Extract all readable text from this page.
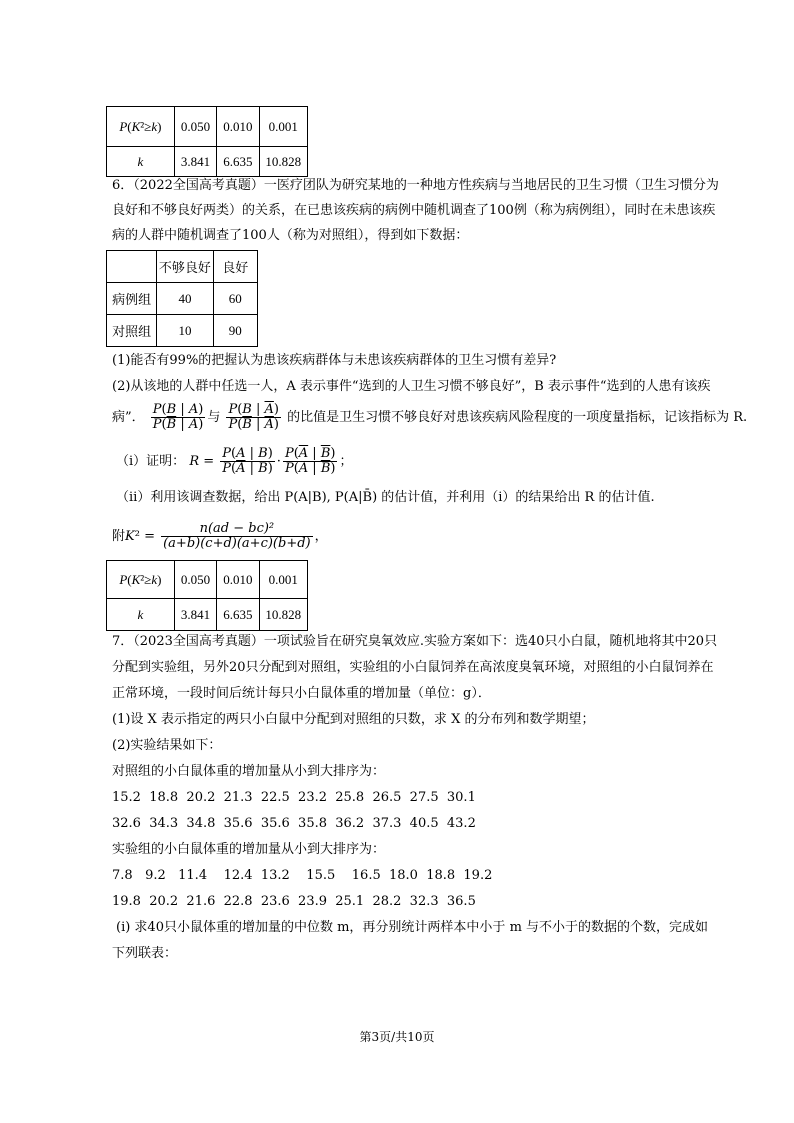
P(K²≥k)	0.050	0.010	0.001
k	3.841	6.635	10.828
6．（2022全国高考真题）一医疗团队为研究某地的一种地方性疾病与当地居民的卫生习惯（卫生习惯分为
良好和不够良好两类）的关系，在已患该疾病的病例中随机调查了100例（称为病例组），同时在未患该疾
病的人群中随机调查了100人（称为对照组），得到如下数据：
	不够良好	良好
病例组	40	60
对照组	10	90
(1)能否有99%的把握认为患该疾病群体与未患该疾病群体的卫生习惯有差异?
(2)从该地的人群中任选一人，A 表示事件“选到的人卫生习惯不够良好”，B 表示事件“选到的人患有该疾
病”． $\frac{P(B | A)}{P(\overline{B} | A)}$ 与 $\frac{P(B | \overline{A})}{P(\overline{B} | \overline{A})}$ 的比值是卫生习惯不够良好对患该疾病风险程度的一项度量指标，记该指标为 R.
（ⅰ）证明： $R = \frac{P(A | B)}{P(\overline{A} | B)} \cdot \frac{P(\overline{A} | \overline{B})}{P(A | \overline{B})}$ ；
（ⅱ）利用该调查数据，给出 P(A|B), P(A|B̄) 的估计值，并利用（ⅰ）的结果给出 R 的估计值.
附$K^2 = \frac{\text{n(ad − bc)²}}{(a+b)(c+d)(a+c)(b+d)}$ ，
P(K²≥k)	0.050	0.010	0.001
k	3.841	6.635	10.828
7．（2023全国高考真题）一项试验旨在研究臭氧效应.实验方案如下：选40只小白鼠，随机地将其中20只
分配到实验组，另外20只分配到对照组，实验组的小白鼠饲养在高浓度臭氧环境，对照组的小白鼠饲养在
正常环境，一段时间后统计每只小白鼠体重的增加量（单位：g）．
(1)设 X 表示指定的两只小白鼠中分配到对照组的只数，求 X 的分布列和数学期望；
(2)实验结果如下：
对照组的小白鼠体重的增加量从小到大排序为：
15.2  18.8  20.2  21.3  22.5  23.2  25.8  26.5  27.5  30.1
32.6  34.3  34.8  35.6  35.6  35.8  36.2  37.3  40.5  43.2
实验组的小白鼠体重的增加量从小到大排序为：
7.8   9.2   11.4    12.4  13.2    15.5    16.5  18.0  18.8  19.2
19.8  20.2  21.6  22.8  23.6  23.9  25.1  28.2  32.3  36.5
(i) 求40只小鼠体重的增加量的中位数 m，再分别统计两样本中小于 m 与不小于的数据的个数，完成如
下列联表：
第3页/共10页
